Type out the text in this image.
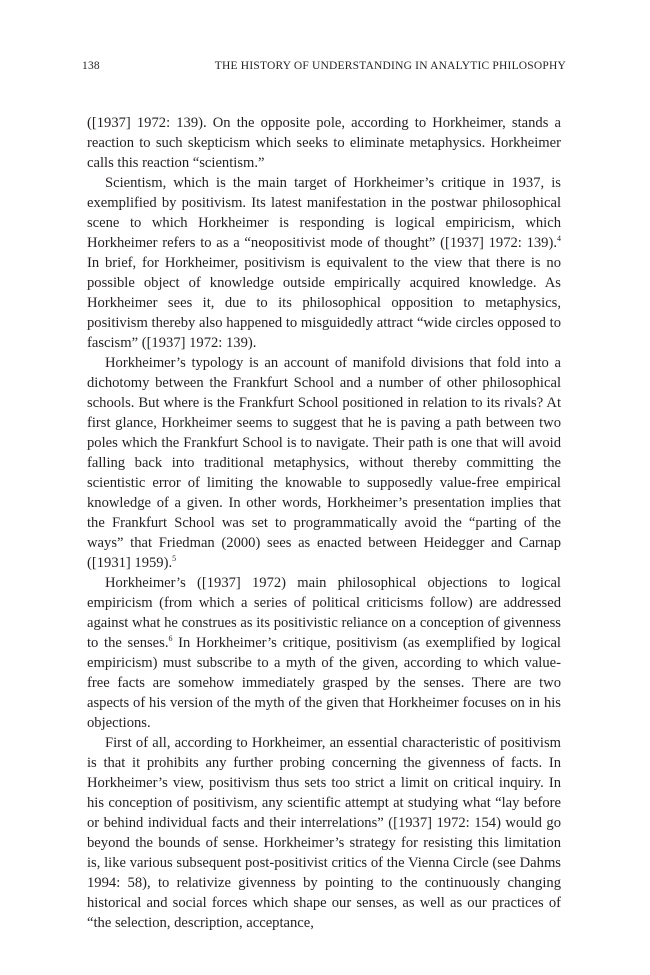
138	THE HISTORY OF UNDERSTANDING IN ANALYTIC PHILOSOPHY

([1937] 1972: 139). On the opposite pole, according to Horkheimer, stands a reaction to such skepticism which seeks to eliminate metaphysics. Horkheimer calls this reaction “scientism.”

Scientism, which is the main target of Horkheimer’s critique in 1937, is exemplified by positivism. Its latest manifestation in the postwar philosophical scene to which Horkheimer is responding is logical empiricism, which Horkheimer refers to as a “neopositivist mode of thought” ([1937] 1972: 139).$^4$ In brief, for Horkheimer, positivism is equivalent to the view that there is no possible object of knowledge outside empirically acquired knowledge. As Horkheimer sees it, due to its philosophical opposition to metaphysics, positivism thereby also happened to misguidedly attract “wide circles opposed to fascism” ([1937] 1972: 139).

Horkheimer’s typology is an account of manifold divisions that fold into a dichotomy between the Frankfurt School and a number of other philosophical schools. But where is the Frankfurt School positioned in relation to its rivals? At first glance, Horkheimer seems to suggest that he is paving a path between two poles which the Frankfurt School is to navigate. Their path is one that will avoid falling back into traditional metaphysics, without thereby committing the scientistic error of limiting the knowable to supposedly value-free empirical knowledge of a given. In other words, Horkheimer’s presentation implies that the Frankfurt School was set to programmatically avoid the “parting of the ways” that Friedman (2000) sees as enacted between Heidegger and Carnap ([1931] 1959).$^5$

Horkheimer’s ([1937] 1972) main philosophical objections to logical empiricism (from which a series of political criticisms follow) are addressed against what he construes as its positivistic reliance on a conception of givenness to the senses.$^6$ In Horkheimer’s critique, positivism (as exemplified by logical empiricism) must subscribe to a myth of the given, according to which value-free facts are somehow immediately grasped by the senses. There are two aspects of his version of the myth of the given that Horkheimer focuses on in his objections.

First of all, according to Horkheimer, an essential characteristic of positivism is that it prohibits any further probing concerning the givenness of facts. In Horkheimer’s view, positivism thus sets too strict a limit on critical inquiry. In his conception of positivism, any scientific attempt at studying what “lay before or behind individual facts and their interrelations” ([1937] 1972: 154) would go beyond the bounds of sense. Horkheimer’s strategy for resisting this limitation is, like various subsequent post-positivist critics of the Vienna Circle (see Dahms 1994: 58), to relativize givenness by pointing to the continuously changing historical and social forces which shape our senses, as well as our practices of “the selection, description, acceptance,
